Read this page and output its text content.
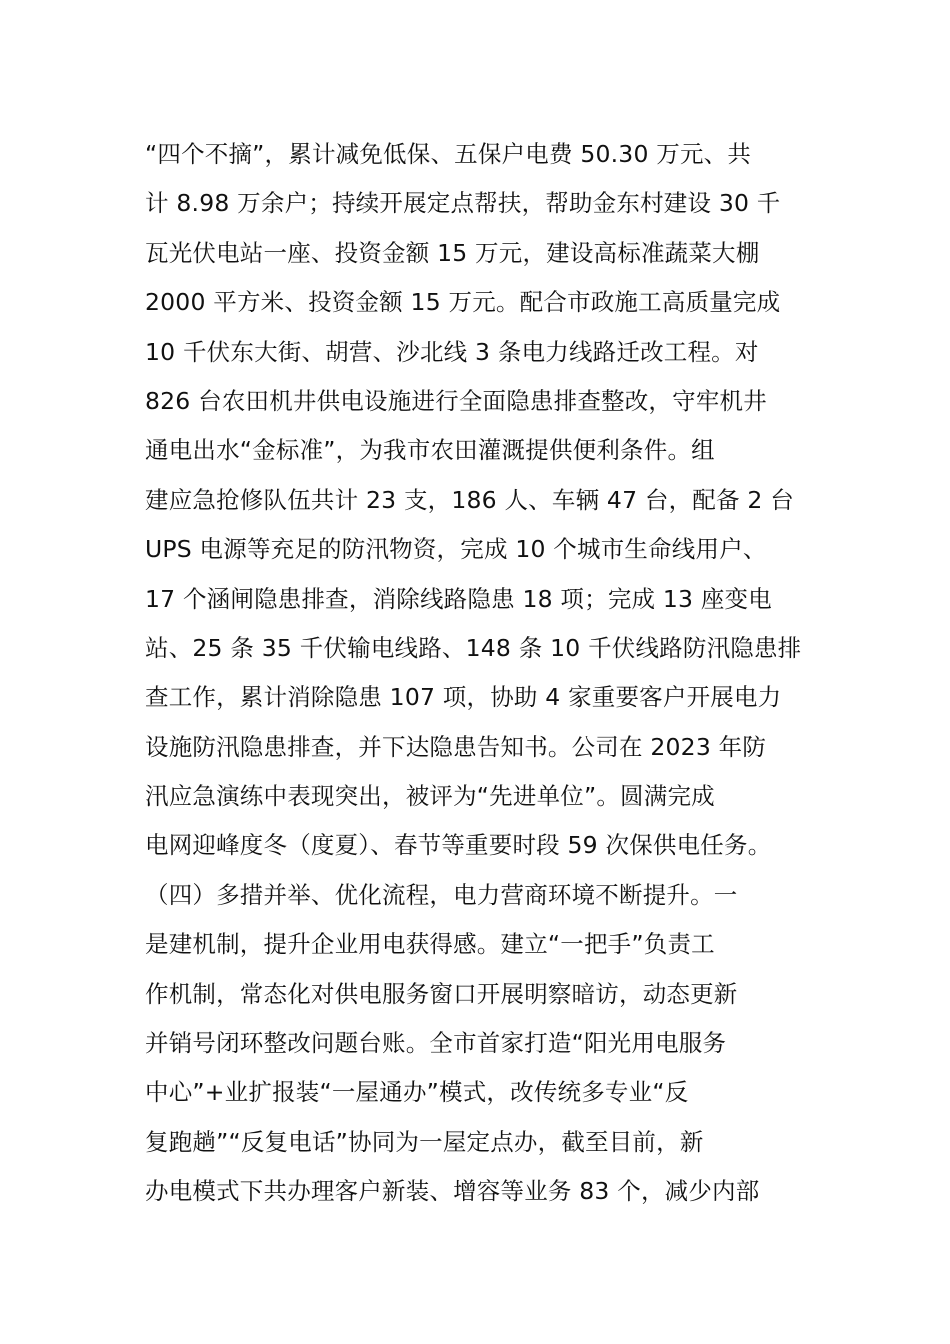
“四个不摘”，累计减免低保、五保户电费 50.30 万元、共
计 8.98 万余户；持续开展定点帮扶，帮助金东村建设 30 千
瓦光伏电站一座、投资金额 15 万元，建设高标准蔬菜大棚
2000 平方米、投资金额 15 万元。配合市政施工高质量完成
10 千伏东大街、胡营、沙北线 3 条电力线路迁改工程。对
826 台农田机井供电设施进行全面隐患排查整改，守牢机井
通电出水“金标准”，为我市农田灌溉提供便利条件。组
建应急抢修队伍共计 23 支，186 人、车辆 47 台，配备 2 台
UPS 电源等充足的防汛物资，完成 10 个城市生命线用户、
17 个涵闸隐患排查，消除线路隐患 18 项；完成 13 座变电
站、25 条 35 千伏输电线路、148 条 10 千伏线路防汛隐患排
查工作，累计消除隐患 107 项，协助 4 家重要客户开展电力
设施防汛隐患排查，并下达隐患告知书。公司在 2023 年防
汛应急演练中表现突出，被评为“先进单位”。圆满完成
电网迎峰度冬（度夏）、春节等重要时段 59 次保供电任务。
（四）多措并举、优化流程，电力营商环境不断提升。一
是建机制，提升企业用电获得感。建立“一把手”负责工
作机制，常态化对供电服务窗口开展明察暗访，动态更新
并销号闭环整改问题台账。全市首家打造“阳光用电服务
中心”+业扩报装“一屋通办”模式，改传统多专业“反
复跑趟”“反复电话”协同为一屋定点办，截至目前，新
办电模式下共办理客户新装、增容等业务 83 个，减少内部
